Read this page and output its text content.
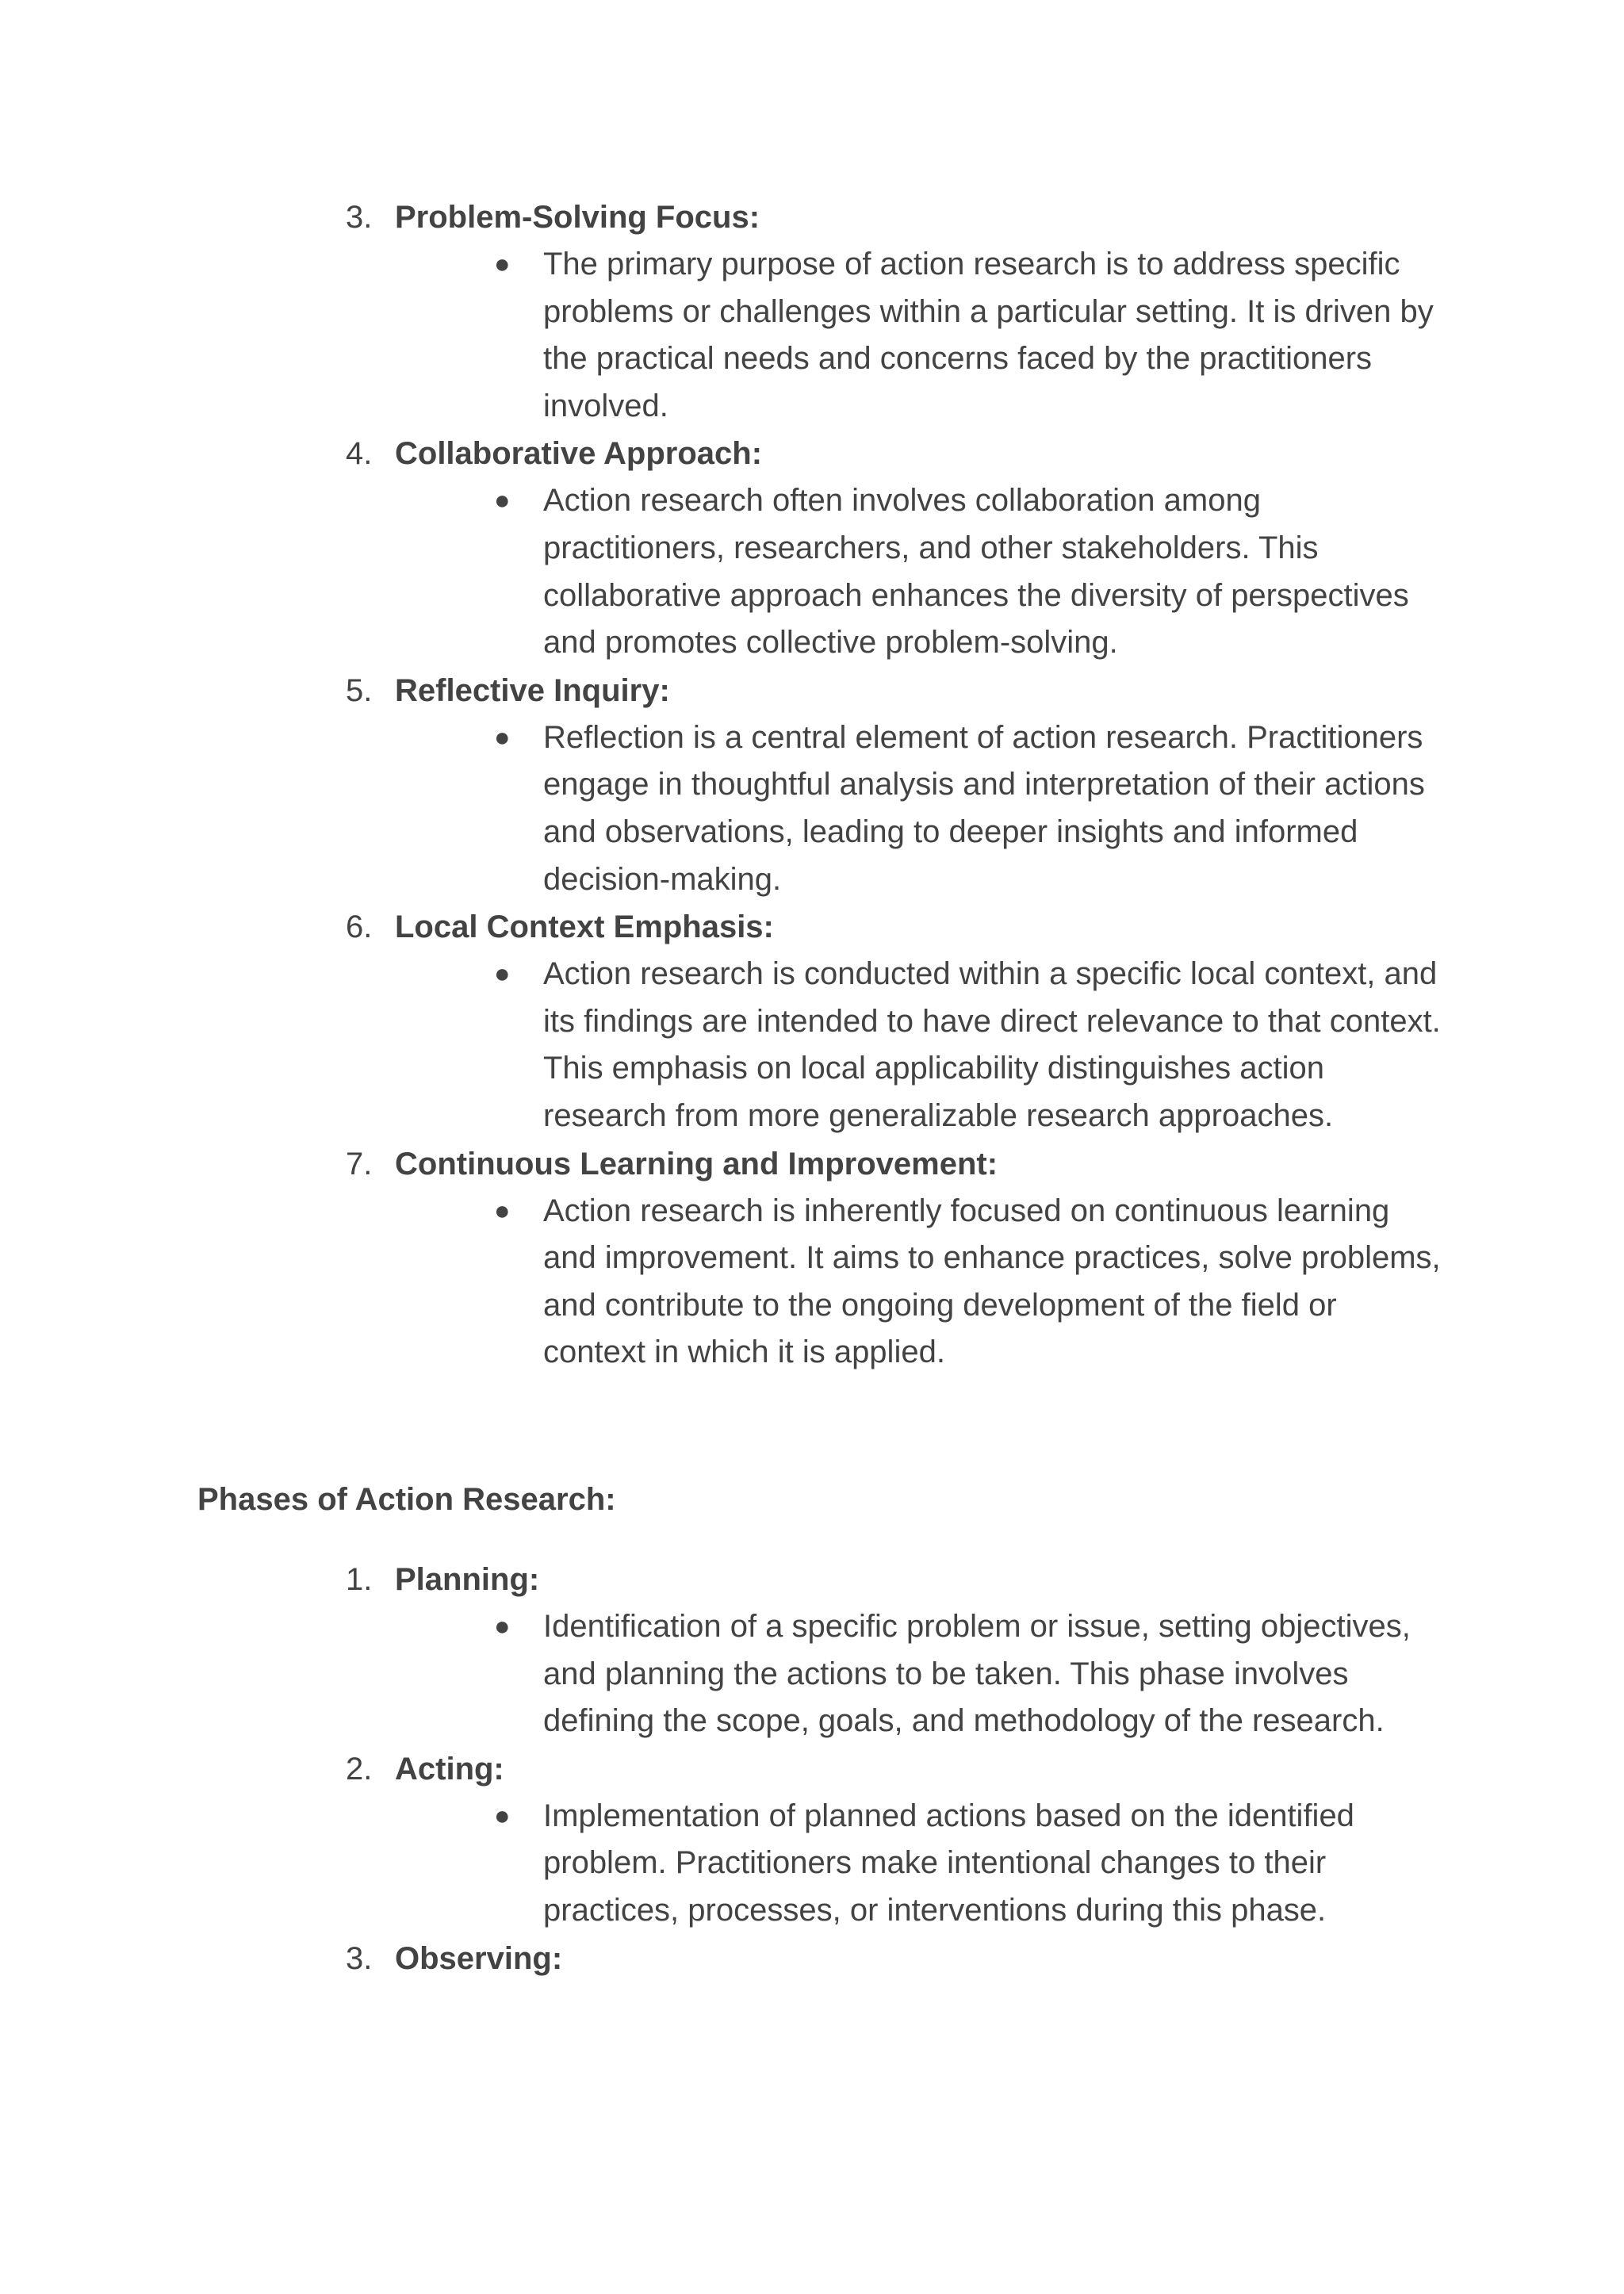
3. Problem-Solving Focus:
● The primary purpose of action research is to address specific problems or challenges within a particular setting. It is driven by the practical needs and concerns faced by the practitioners involved.
4. Collaborative Approach:
● Action research often involves collaboration among practitioners, researchers, and other stakeholders. This collaborative approach enhances the diversity of perspectives and promotes collective problem-solving.
5. Reflective Inquiry:
● Reflection is a central element of action research. Practitioners engage in thoughtful analysis and interpretation of their actions and observations, leading to deeper insights and informed decision-making.
6. Local Context Emphasis:
● Action research is conducted within a specific local context, and its findings are intended to have direct relevance to that context. This emphasis on local applicability distinguishes action research from more generalizable research approaches.
7. Continuous Learning and Improvement:
● Action research is inherently focused on continuous learning and improvement. It aims to enhance practices, solve problems, and contribute to the ongoing development of the field or context in which it is applied.
Phases of Action Research:
1. Planning:
● Identification of a specific problem or issue, setting objectives, and planning the actions to be taken. This phase involves defining the scope, goals, and methodology of the research.
2. Acting:
● Implementation of planned actions based on the identified problem. Practitioners make intentional changes to their practices, processes, or interventions during this phase.
3. Observing:
